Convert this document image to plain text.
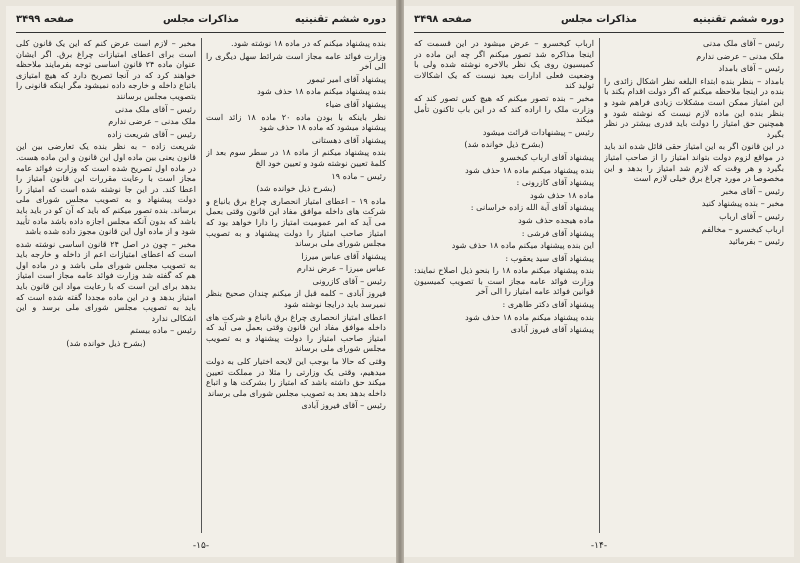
دوره ششم تقنینیه
مذاکرات مجلس
صفحه ۳۴۹۹

بنده پیشنهاد میکنم که در ماده ۱۸ نوشته شود.

وزارت فوائد عامه مجاز است شرائط سهل دیگری را الی آخر

پیشنهاد آقای امیر تیمور

بنده پیشنهاد میکنم ماده ۱۸ حذف شود

پیشنهاد آقای ضیاء

نظر باینکه با بودن ماده ۲۰ ماده ۱۸ زائد است پیشنهاد میشود که ماده ۱۸ حذف شود

پیشنهاد آقای دهستانی

بنده پیشنهاد میکنم از ماده ۱۸ در سطر سوم بعد از کلمهٔ تعیین نوشته شود و تعیین خود الخ

رئیس – ماده ۱۹

(بشرح ذیل خوانده شد)

ماده ۱۹ – اعطای امتیاز انحصاری چراغ برق بانباع و شرکت های داخله موافق مفاد این قانون وقتی بعمل می آید که امر عمومیت امتیاز را دارا خواهد بود که امتیاز صاحب امتیاز را دولت پیشنهاد و به تصویب مجلس شورای ملی برساند

پیشنهاد آقای عباس میرزا

عباس میرزا – عرض ندارم

رئیس – آقای کازرونی

فیروز آبادی – کلمه قبل از میکنم چندان صحیح بنظر نمیرسد باید درایجا نوشته شود

اعطای امتیاز انحصاری چراغ برق بانباع و شرکت های داخله موافق مفاد این قانون وقتی بعمل می آید که امتیاز صاحب امتیاز را دولت پیشنهاد و به تصویب مجلس شورای ملی برساند

وقتی که حالا ما بوجب این لایحه اختیار کلی به دولت میدهیم، وقتی یک وزارتی را مثلا در مملکت تعیین میکند حق داشته باشد که امتیاز را بشرکت ها و اتباع داخله بدهد بعد به تصویب مجلس شورای ملی برساند

رئیس – آقای فیروز آبادی

مخبر – لازم است عرض کنم که این یک قانون کلی است برای اعطای امتیازات چراغ برق. اگر ایشان عنوان ماده ۲۴ قانون اساسی توجه بفرمایند ملاحظه خواهند کرد که در آنجا تصریح دارد که هیچ امتیازی باتباع داخله و خارجه داده نمیشود مگر اینکه قانونی را بتصویب مجلس برسانند

رئیس – آقای ملک مدنی

ملک مدنی – عرضی ندارم

رئیس – آقای شریعت زاده

شریعت زاده – به نظر بنده یک تعارضی بین این قانون یعنی بین ماده اول این قانون و این ماده هست. در ماده اول تصریح شده است که وزارت فوائد عامه مجاز است با رعایت مقررات این قانون امتیاز را اعطا کند. در این جا نوشته شده است که امتیاز را دولت پیشنهاد و به تصویب مجلس شورای ملی برساند. بنده تصور میکنم که باید که آن کو در باید باید باشد که بدون آنکه مجلس اجازه داده باشد ماده تأیید شود و از ماده اول این قانون مجوز داده شده باشد

مخبر – چون در اصل ۲۴ قانون اساسی نوشته شده است که اعطای امتیازات اعم از داخله و خارجه باید به تصویب مجلس شورای ملی باشد و در ماده اول هم که گفته شد وزارت فوائد عامه مجاز است امتیاز بدهد برای این است که با رعایت مواد این قانون باید امتیاز بدهد و در این ماده مجددا گفته شده است که باید به تصویب مجلس شورای ملی برسد و این اشکالی ندارد

رئیس – ماده بیستم

(بشرح ذیل خوانده شد)

-۱۵-
دوره ششم تقنینیه
مذاکرات مجلس
صفحه ۳۴۹۸

رئیس – آقای ملک مدنی

ملک مدنی – عرضی ندارم

رئیس – آقای بامداد

بامداد – بنظر بنده ابتداء البلغه نظر اشکال زائدی را بنده در اینجا ملاحظه میکنم که اگر دولت اقدام بکند با این امتیاز ممکن است مشکلات زیادی فراهم شود و بنظر بنده این ماده لازم نیست که نوشته شود و همچنین حق امتیاز را دولت باید قدری بیشتر در نظر بگیرد

در این قانون اگر به این امتیاز حقی قائل شده اند باید در مواقع لزوم دولت بتواند امتیاز را از صاحب امتیاز بگیرد و هر وقت که لازم شد امتیاز را بدهد و این مخصوصا در مورد چراغ برق خیلی لازم است

رئیس – آقای مخبر

مخبر – بنده پیشنهاد کنید

رئیس – آقای ارباب

ارباب کیخسرو – مخالفم

رئیس – بفرمائید

ارباب کیخسرو – عرض میشود در این قسمت که اینجا مذاکره شد تصور میکنم اگر چه این ماده در کمیسیون روی یک نظر بالاخره نوشته شده ولی با وضعیت فعلی ادارات بعید نیست که یک اشکالات تولید کند

مخبر – بنده تصور میکنم که هیچ کس تصور کند که وزارت ملک را اراده کند که در این باب تاکنون تأمل میکند

رئیس – پیشنهادات قرائت میشود

(بشرح ذیل خوانده شد)

پیشنهاد آقای ارباب کیخسرو

بنده پیشنهاد میکنم ماده ۱۸ حذف شود

پیشنهاد آقای کازرونی :

ماده ۱۸ حذف شود

پیشنهاد آقای آیة الله زاده خراسانی :

ماده هیجده حذف شود

پیشنهاد آقای فرشی :

این بنده پیشنهاد میکنم ماده ۱۸ حذف شود

پیشنهاد آقای سید یعقوب :

بنده پیشنهاد میکنم ماده ۱۸ را بنحو ذیل اصلاح نمایند: وزارت فوائد عامه مجاز است با تصویب کمیسیون قوانین فوائد عامه امتیاز را الی آخر

پیشنهاد آقای دکتر طاهری :

بنده پیشنهاد میکنم ماده ۱۸ حذف شود

پیشنهاد آقای فیروز آبادی

-۱۴-
